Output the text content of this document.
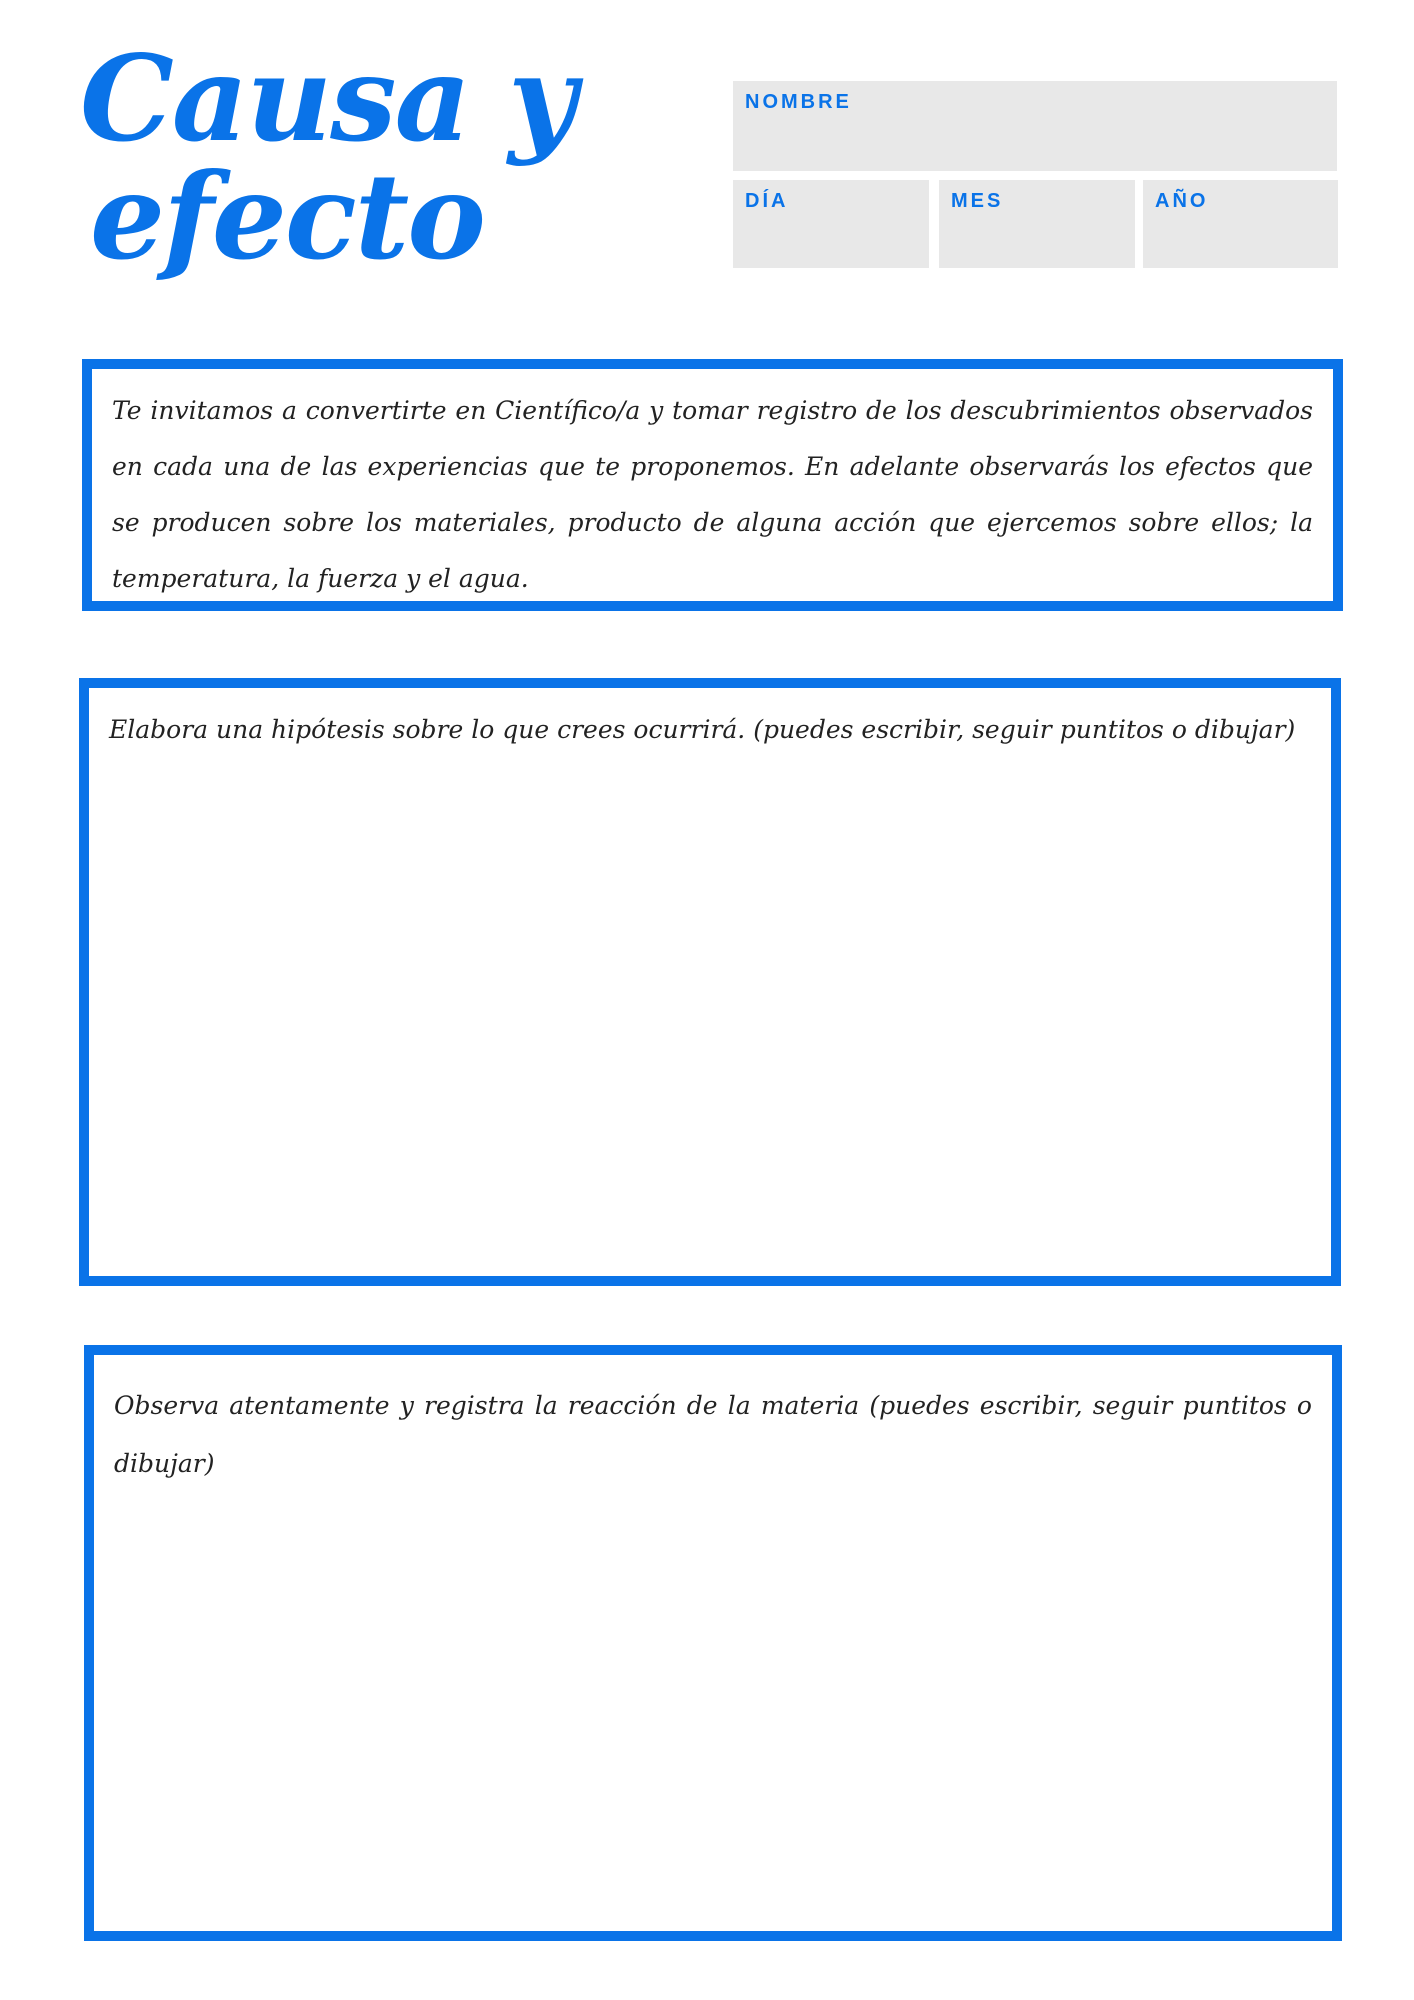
Causa y
efecto
NOMBRE
DÍA	MES	AÑO

Te invitamos a convertirte en Científico/a y tomar registro de los descubrimientos observados en cada una de las experiencias que te proponemos. En adelante observarás los efectos que se producen sobre los materiales, producto de alguna acción que ejercemos sobre ellos; la temperatura, la fuerza y el agua.

Elabora una hipótesis sobre lo que crees ocurrirá. (puedes escribir, seguir puntitos o dibujar)

Observa atentamente y registra la reacción de la materia (puedes escribir, seguir puntitos o dibujar)
